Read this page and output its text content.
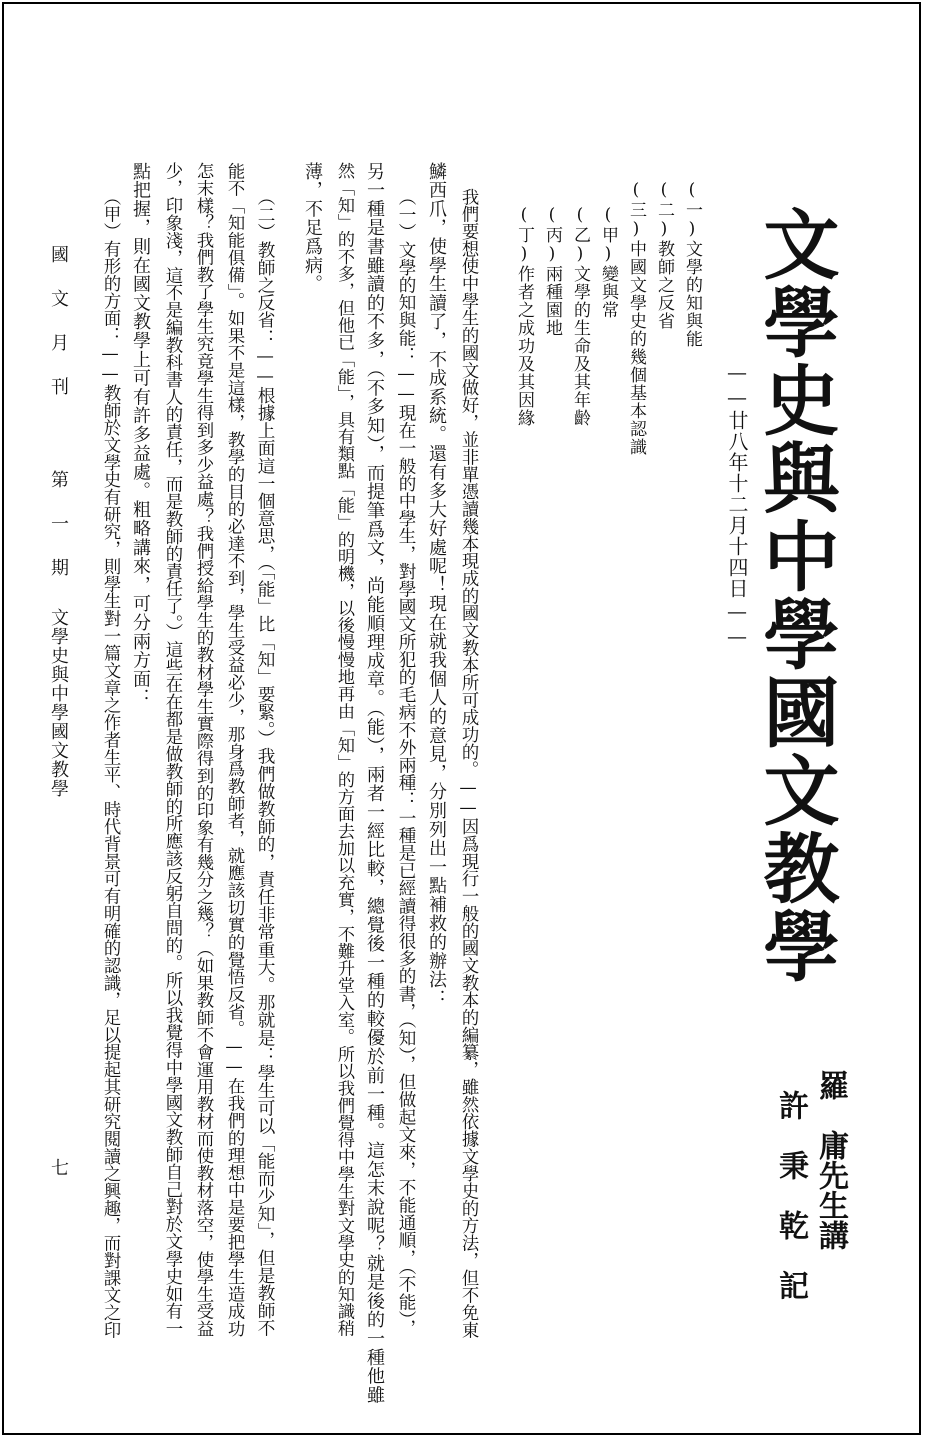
文學史與中學國文教學
——廿八年十二月十四日——
羅　庸先生講
許　秉　乾　記
(一)文學的知與能
(二)教師之反省
(三)中國文學史的幾個基本認識
(甲)變與常
(乙)文學的生命及其年齡
(丙)兩種園地
(丁)作者之成功及其因緣
我們要想使中學生的國文做好，並非單憑讀幾本現成的國文教本所可成功的。——因爲現行一般的國文教本的編纂，雖然依據文學史的方法，但不免東
鱗西爪，使學生讀了，不成系統。還有多大好處呢！現在就我個人的意見，分別列出一點補救的辦法：
（一）文學的知與能：——現在一般的中學生，對學國文所犯的毛病不外兩種：一種是已經讀得很多的書，（知），但做起文來，不能通順，（不能），
另一種是書雖讀的不多，（不多知），而提筆爲文，尚能順理成章。（能），兩者一經比較，總覺後一種的較優於前一種。這怎末說呢？就是後的一種他雖
然「知」的不多，但他已「能」，具有類點「能」的明機，以後慢慢地再由「知」的方面去加以充實，不難升堂入室。所以我們覺得中學生對文學史的知識稍
薄，不足爲病。
（二）教師之反省：——根據上面這一個意思，（「能」比「知」要緊。）我們做教師的，責任非常重大。那就是：學生可以「能而少知」，但是教師不
能不「知能俱備」。如果不是這樣，教學的目的必達不到，學生受益必少，那身爲教師者，就應該切實的覺悟反省。——在我們的理想中是要把學生造成功
怎末樣？我們教了學生究竟學生得到多少益處？我們授給學生的教材學生實際得到的印象有幾分之幾？（如果教師不會運用教材而使教材落空，使學生受益
少，印象淺，這不是編教科書人的責任，而是教師的責任了。）這些在在都是做教師的所應該反躬自問的。所以我覺得中學國文教師自己對於文學史如有一
點把握，則在國文教學上可有許多益處。粗略講來，可分兩方面：
（甲）有形的方面：——教師於文學史有研究，則學生對一篇文章之作者生平、時代背景可有明確的認識，足以提起其研究閱讀之興趣，而對課文之印
國　文　月　刊
第　一　期
文學史與中學國文教學
七
